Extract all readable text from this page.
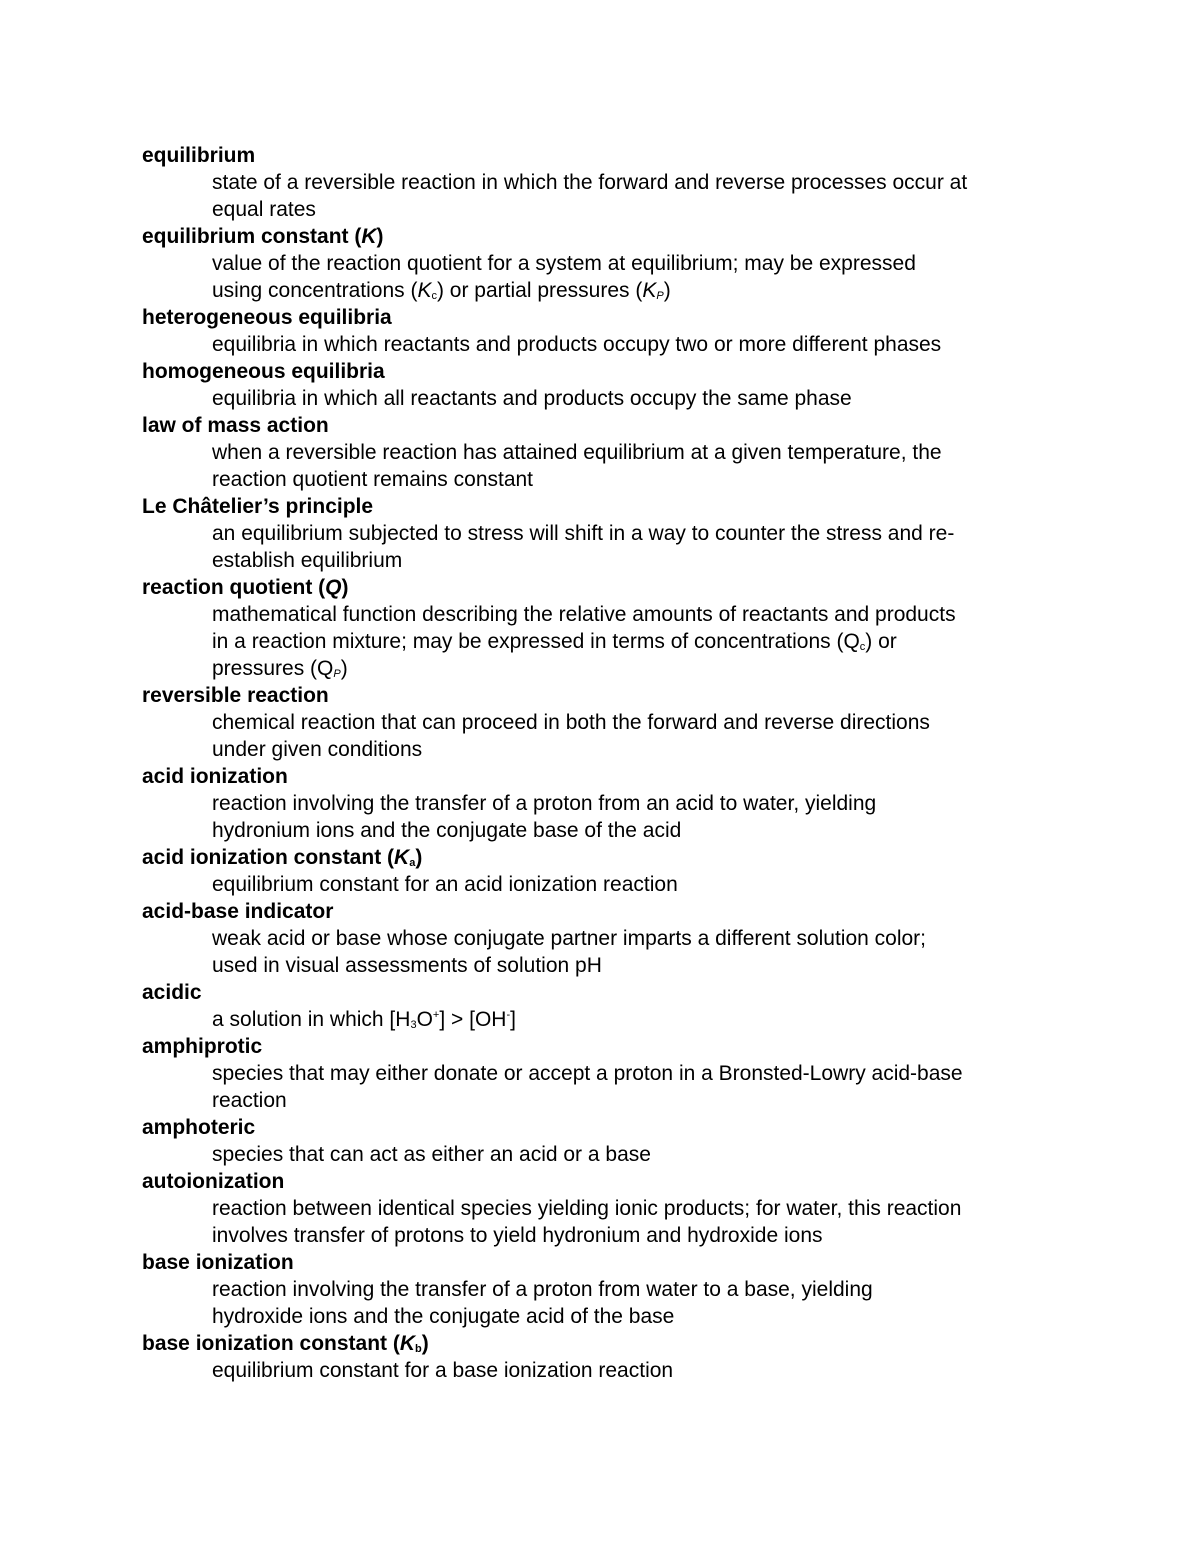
equilibrium
state of a reversible reaction in which the forward and reverse processes occur at
equal rates
equilibrium constant (K)
value of the reaction quotient for a system at equilibrium; may be expressed
using concentrations $(K_c)$ or partial pressures $(K_P)$
heterogeneous equilibria
equilibria in which reactants and products occupy two or more different phases
homogeneous equilibria
equilibria in which all reactants and products occupy the same phase
law of mass action
when a reversible reaction has attained equilibrium at a given temperature, the
reaction quotient remains constant
Le Châtelier’s principle
an equilibrium subjected to stress will shift in a way to counter the stress and re-
establish equilibrium
reaction quotient (Q)
mathematical function describing the relative amounts of reactants and products
in a reaction mixture; may be expressed in terms of concentrations $(Q_c)$ or
pressures $(Q_P)$
reversible reaction
chemical reaction that can proceed in both the forward and reverse directions
under given conditions
acid ionization
reaction involving the transfer of a proton from an acid to water, yielding
hydronium ions and the conjugate base of the acid
acid ionization constant $(K_a)$
equilibrium constant for an acid ionization reaction
acid-base indicator
weak acid or base whose conjugate partner imparts a different solution color;
used in visual assessments of solution pH
acidic
a solution in which $[H_3O^+] > [OH^-]$
amphiprotic
species that may either donate or accept a proton in a Bronsted-Lowry acid-base
reaction
amphoteric
species that can act as either an acid or a base
autoionization
reaction between identical species yielding ionic products; for water, this reaction
involves transfer of protons to yield hydronium and hydroxide ions
base ionization
reaction involving the transfer of a proton from water to a base, yielding
hydroxide ions and the conjugate acid of the base
base ionization constant $(K_b)$
equilibrium constant for a base ionization reaction
